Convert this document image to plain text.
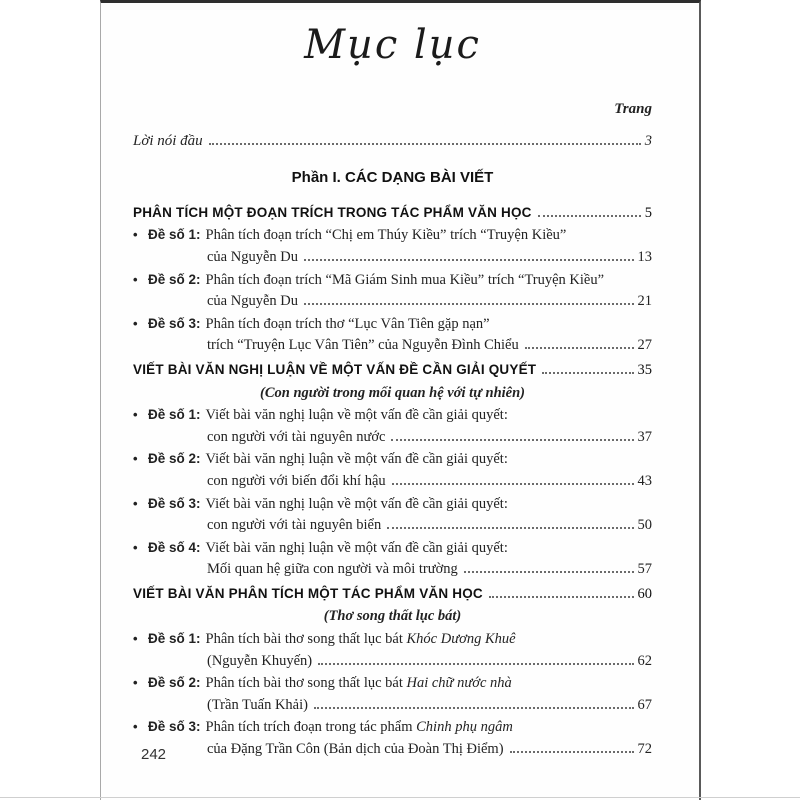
Mục lục
Trang
Lời nói đầu	3
Phần I. CÁC DẠNG BÀI VIẾT
PHÂN TÍCH MỘT ĐOẠN TRÍCH TRONG TÁC PHẨM VĂN HỌC	5
• Đề số 1: Phân tích đoạn trích “Chị em Thúy Kiều” trích “Truyện Kiều”
của Nguyễn Du	13
• Đề số 2: Phân tích đoạn trích “Mã Giám Sinh mua Kiều” trích “Truyện Kiều”
của Nguyễn Du	21
• Đề số 3: Phân tích đoạn trích thơ “Lục Vân Tiên gặp nạn”
trích “Truyện Lục Vân Tiên” của Nguyễn Đình Chiểu	27
VIẾT BÀI VĂN NGHỊ LUẬN VỀ MỘT VẤN ĐỀ CẦN GIẢI QUYẾT	35
(Con người trong mối quan hệ với tự nhiên)
• Đề số 1: Viết bài văn nghị luận về một vấn đề cần giải quyết:
con người với tài nguyên nước	37
• Đề số 2: Viết bài văn nghị luận về một vấn đề cần giải quyết:
con người với biến đổi khí hậu	43
• Đề số 3: Viết bài văn nghị luận về một vấn đề cần giải quyết:
con người với tài nguyên biển	50
• Đề số 4: Viết bài văn nghị luận về một vấn đề cần giải quyết:
Mối quan hệ giữa con người và môi trường	57
VIẾT BÀI VĂN PHÂN TÍCH MỘT TÁC PHẨM VĂN HỌC	60
(Thơ song thất lục bát)
• Đề số 1: Phân tích bài thơ song thất lục bát Khóc Dương Khuê
(Nguyễn Khuyến)	62
• Đề số 2: Phân tích bài thơ song thất lục bát Hai chữ nước nhà
(Trần Tuấn Khải)	67
• Đề số 3: Phân tích trích đoạn trong tác phẩm Chinh phụ ngâm
của Đặng Trần Côn (Bản dịch của Đoàn Thị Điểm)	72
242
